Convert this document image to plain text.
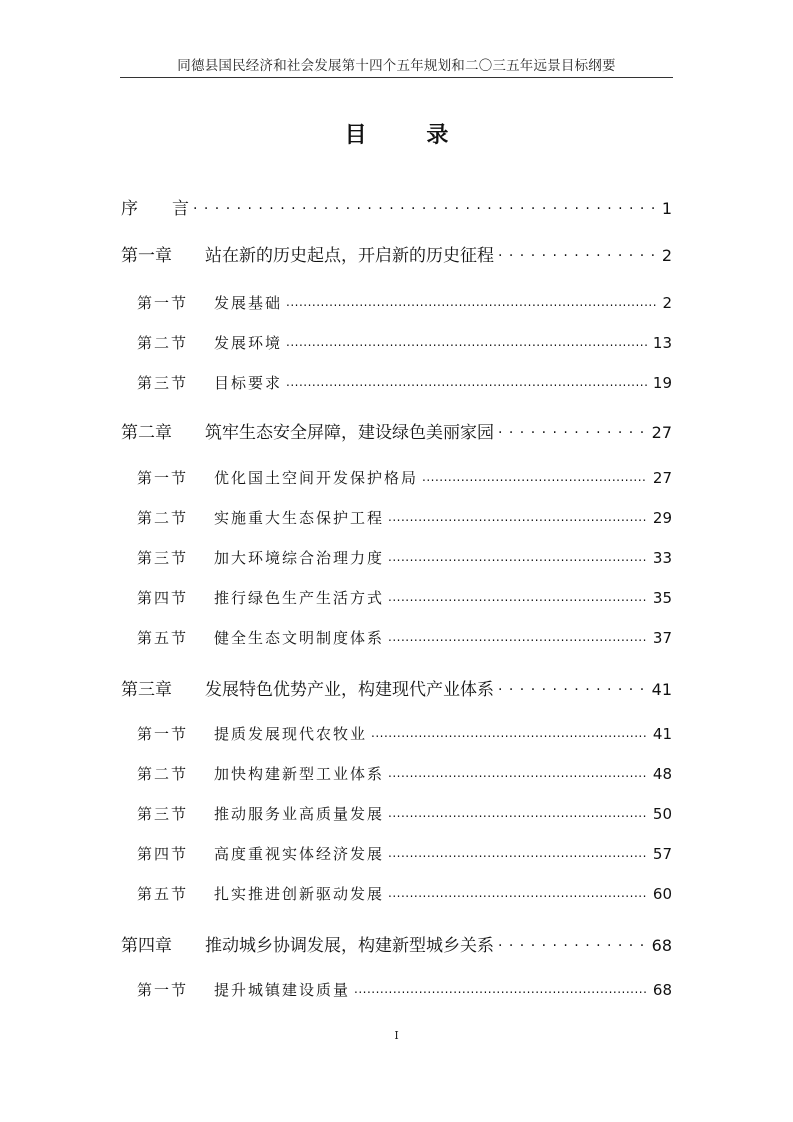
同德县国民经济和社会发展第十四个五年规划和二〇三五年远景目标纲要
目 录
序　　言 . . .	1
第一章	站在新的历史起点，开启新的历史征程 . . .	2
第一节	发展基础 .....	2
第二节	发展环境 .....	13
第三节	目标要求 .....	19
第二章	筑牢生态安全屏障，建设绿色美丽家园 . . .	27
第一节	优化国土空间开发保护格局 .....	27
第二节	实施重大生态保护工程 .....	29
第三节	加大环境综合治理力度 .....	33
第四节	推行绿色生产生活方式 .....	35
第五节	健全生态文明制度体系 .....	37
第三章	发展特色优势产业，构建现代产业体系 . . .	41
第一节	提质发展现代农牧业 .....	41
第二节	加快构建新型工业体系 .....	48
第三节	推动服务业高质量发展 .....	50
第四节	高度重视实体经济发展 .....	57
第五节	扎实推进创新驱动发展 .....	60
第四章	推动城乡协调发展，构建新型城乡关系 . . .	68
第一节	提升城镇建设质量 .....	68
I
